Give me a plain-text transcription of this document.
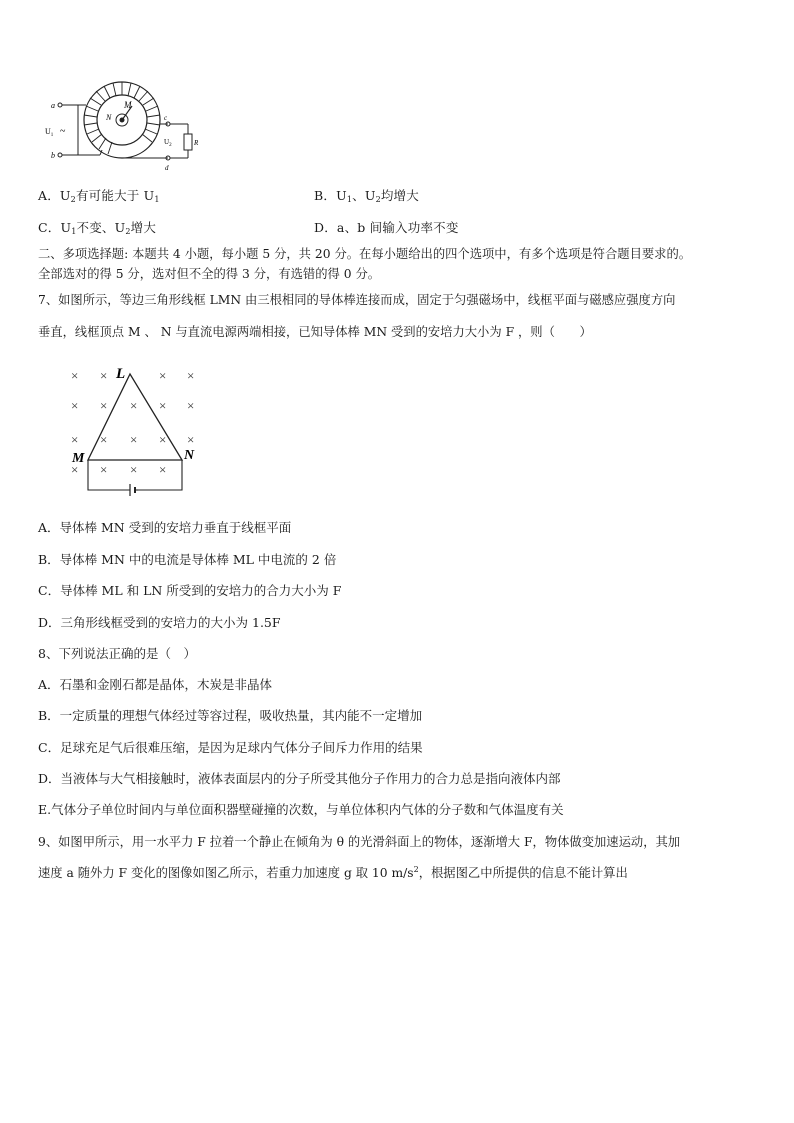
a
b
$U_1$ ~
N
M
c
d
$U_2$	R
A．$U_2$有可能大于 $U_1$	B．$U_1$、$U_2$均增大
C．$U_1$不变、$U_2$增大	D．a、b 间输入功率不变
二、多项选择题: 本题共 4 小题，每小题 5 分，共 20 分。在每小题给出的四个选项中，有多个选项是符合题目要求的。
全部选对的得 5 分，选对但不全的得 3 分，有选错的得 0 分。
7、如图所示，等边三角形线框 LMN 由三根相同的导体棒连接而成，固定于匀强磁场中，线框平面与磁感应强度方向
垂直，线框顶点 M 、 N 与直流电源两端相接，已知导体棒 MN 受到的安培力大小为 F ，则（　　）
× ×	× ×
× × × × ×
× × × × ×
× × × ×
L
M	N
A．导体棒 MN 受到的安培力垂直于线框平面
B．导体棒 MN 中的电流是导体棒 ML 中电流的 2 倍
C．导体棒 ML 和 LN 所受到的安培力的合力大小为 F
D．三角形线框受到的安培力的大小为 1.5F
8、下列说法正确的是（　）
A．石墨和金刚石都是晶体，木炭是非晶体
B．一定质量的理想气体经过等容过程，吸收热量，其内能不一定增加
C．足球充足气后很难压缩，是因为足球内气体分子间斥力作用的结果
D．当液体与大气相接触时，液体表面层内的分子所受其他分子作用力的合力总是指向液体内部
E.气体分子单位时间内与单位面积器壁碰撞的次数，与单位体积内气体的分子数和气体温度有关
9、如图甲所示，用一水平力 F 拉着一个静止在倾角为 θ 的光滑斜面上的物体，逐渐增大 F，物体做变加速运动，其加
速度 a 随外力 F 变化的图像如图乙所示，若重力加速度 g 取 10 $m/s^2$，根据图乙中所提供的信息不能计算出
